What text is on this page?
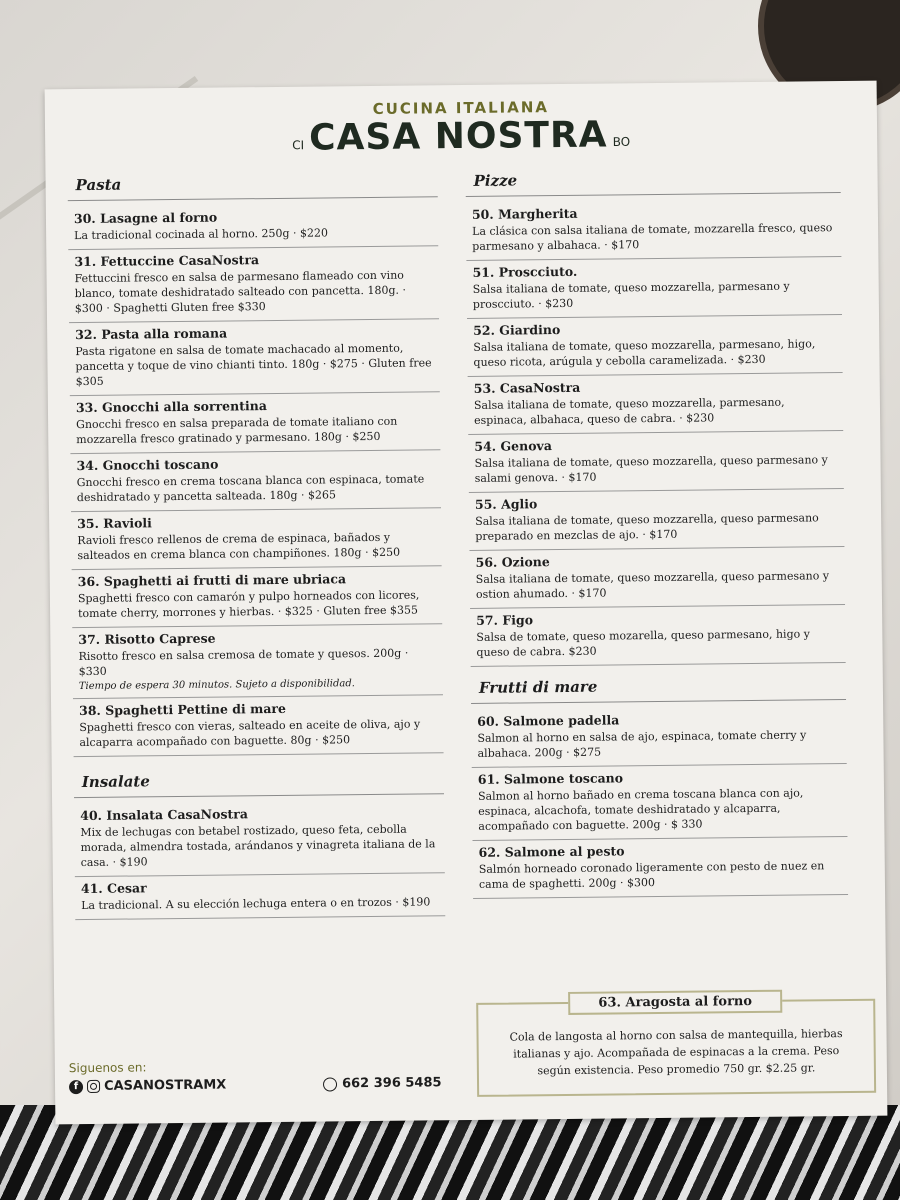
CUCINA ITALIANA
CI CASA NOSTRA BO
Pasta
30. Lasagne al forno
La tradicional cocinada al horno. 250g · $220
31. Fettuccine CasaNostra
Fettuccini fresco en salsa de parmesano flameado con vino blanco, tomate deshidratado salteado con pancetta. 180g. · $300 · Spaghetti Gluten free $330
32. Pasta alla romana
Pasta rigatone en salsa de tomate machacado al momento, pancetta y toque de vino chianti tinto. 180g · $275 · Gluten free $305
33. Gnocchi alla sorrentina
Gnocchi fresco en salsa preparada de tomate italiano con mozzarella fresco gratinado y parmesano. 180g · $250
34. Gnocchi toscano
Gnocchi fresco en crema toscana blanca con espinaca, tomate deshidratado y pancetta salteada. 180g · $265
35. Ravioli
Ravioli fresco rellenos de crema de espinaca, bañados y salteados en crema blanca con champiñones. 180g · $250
36. Spaghetti ai frutti di mare ubriaca
Spaghetti fresco con camarón y pulpo horneados con licores, tomate cherry, morrones y hierbas. · $325 · Gluten free $355
37. Risotto Caprese
Risotto fresco en salsa cremosa de tomate y quesos. 200g · $330
Tiempo de espera 30 minutos. Sujeto a disponibilidad.
38. Spaghetti Pettine di mare
Spaghetti fresco con vieras, salteado en aceite de oliva, ajo y alcaparra acompañado con baguette. 80g · $250
Insalate
40. Insalata CasaNostra
Mix de lechugas con betabel rostizado, queso feta, cebolla morada, almendra tostada, arándanos y vinagreta italiana de la casa. · $190
41. Cesar
La tradicional. A su elección lechuga entera o en trozos · $190
Pizze
50. Margherita
La clásica con salsa italiana de tomate, mozzarella fresco, queso parmesano y albahaca. · $170
51. Proscciuto.
Salsa italiana de tomate, queso mozzarella, parmesano y proscciuto. · $230
52. Giardino
Salsa italiana de tomate, queso mozzarella, parmesano, higo, queso ricota, arúgula y cebolla caramelizada. · $230
53. CasaNostra
Salsa italiana de tomate, queso mozzarella, parmesano, espinaca, albahaca, queso de cabra. · $230
54. Genova
Salsa italiana de tomate, queso mozzarella, queso parmesano y salami genova. · $170
55. Aglio
Salsa italiana de tomate, queso mozzarella, queso parmesano preparado en mezclas de ajo. · $170
56. Ozione
Salsa italiana de tomate, queso mozzarella, queso parmesano y ostion ahumado. · $170
57. Figo
Salsa de tomate, queso mozarella, queso parmesano, higo y queso de cabra. $230
Frutti di mare
60. Salmone padella
Salmon al horno en salsa de ajo, espinaca, tomate cherry y albahaca. 200g · $275
61. Salmone toscano
Salmon al horno bañado en crema toscana blanca con ajo, espinaca, alcachofa, tomate deshidratado y alcaparra, acompañado con baguette. 200g · $ 330
62. Salmone al pesto
Salmón horneado coronado ligeramente con pesto de nuez en cama de spaghetti. 200g · $300
63. Aragosta al forno
Cola de langosta al horno con salsa de mantequilla, hierbas italianas y ajo. Acompañada de espinacas a la crema. Peso según existencia. Peso promedio 750 gr. $2.25 gr.
Siguenos en:
f	CASANOSTRAMX	662 396 5485
